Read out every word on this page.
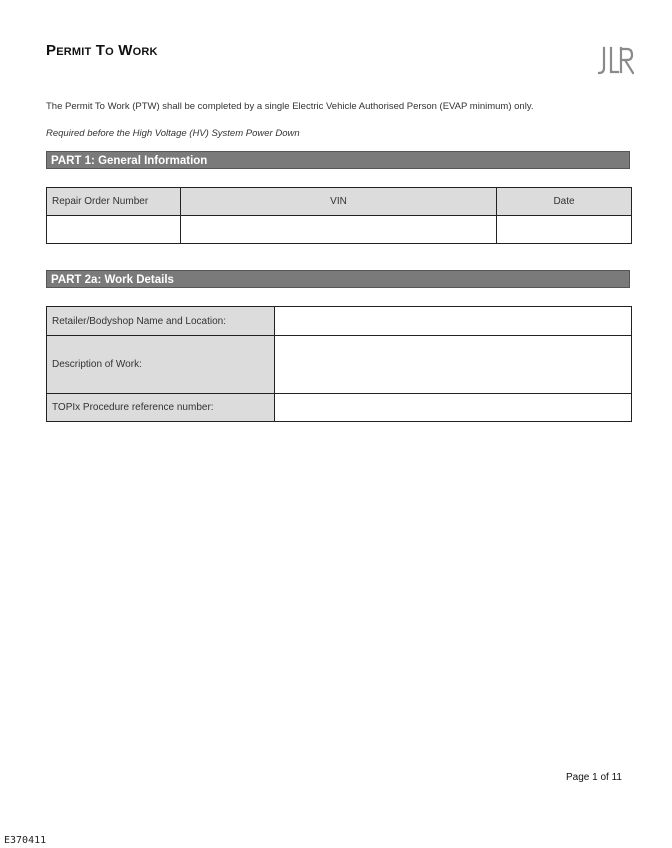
Permit To Work
The Permit To Work (PTW) shall be completed by a single Electric Vehicle Authorised Person (EVAP minimum) only.
Required before the High Voltage (HV) System Power Down
PART 1: General Information
Repair Order Number	VIN	Date

PART 2a: Work Details
Retailer/Bodyshop Name and Location:	
Description of Work:	
TOPIx Procedure reference number:	
Page 1 of 11
E370411
